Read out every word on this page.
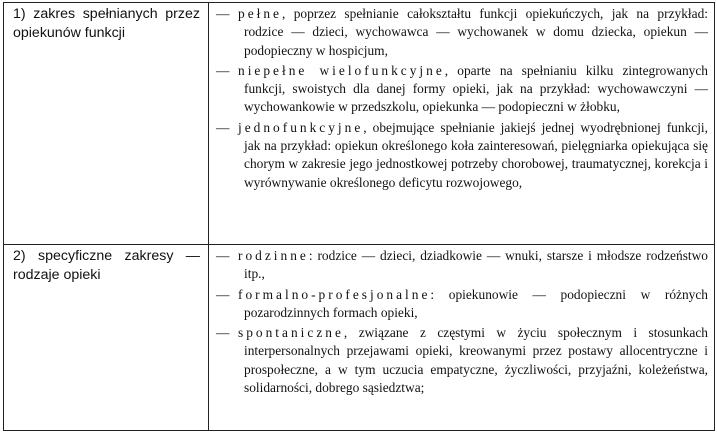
1) zakres spełnianych przez opiekunów funkcji	— pełne, poprzez spełnianie całokształtu funkcji opiekuńczych, jak na przykład: rodzice — dzieci, wychowawca — wychowanek w domu dziecka, opiekun — podopieczny w hospicjum,
— niepełne wielofunkcyjne, oparte na spełnianiu kilku zintegrowanych funkcji, swoistych dla danej formy opieki, jak na przykład: wychowawczyni — wychowankowie w przedszkolu, opiekunka — podopieczni w żłobku,
— jednofunkcyjne, obejmujące spełnianie jakiejś jednej wyodrębnionej funkcji, jak na przykład: opiekun określonego koła zainteresowań, pielęgniarka opiekująca się chorym w zakresie jego jednostkowej potrzeby chorobowej, traumatycznej, korekcja i wyrównywanie określonego deficytu rozwojowego,

2) specyficzne zakresy — rodzaje opieki	— rodzinne: rodzice — dzieci, dziadkowie — wnuki, starsze i młodsze rodzeństwo itp.,
— formalno-profesjonalne: opiekunowie — podopieczni w różnych pozarodzinnych formach opieki,
— spontaniczne, związane z częstymi w życiu społecznym i stosunkach interpersonalnych przejawami opieki, kreowanymi przez postawy allocentryczne i prospołeczne, a w tym uczucia empatyczne, życzliwości, przyjaźni, koleżeństwa, solidarności, dobrego sąsiedztwa;
